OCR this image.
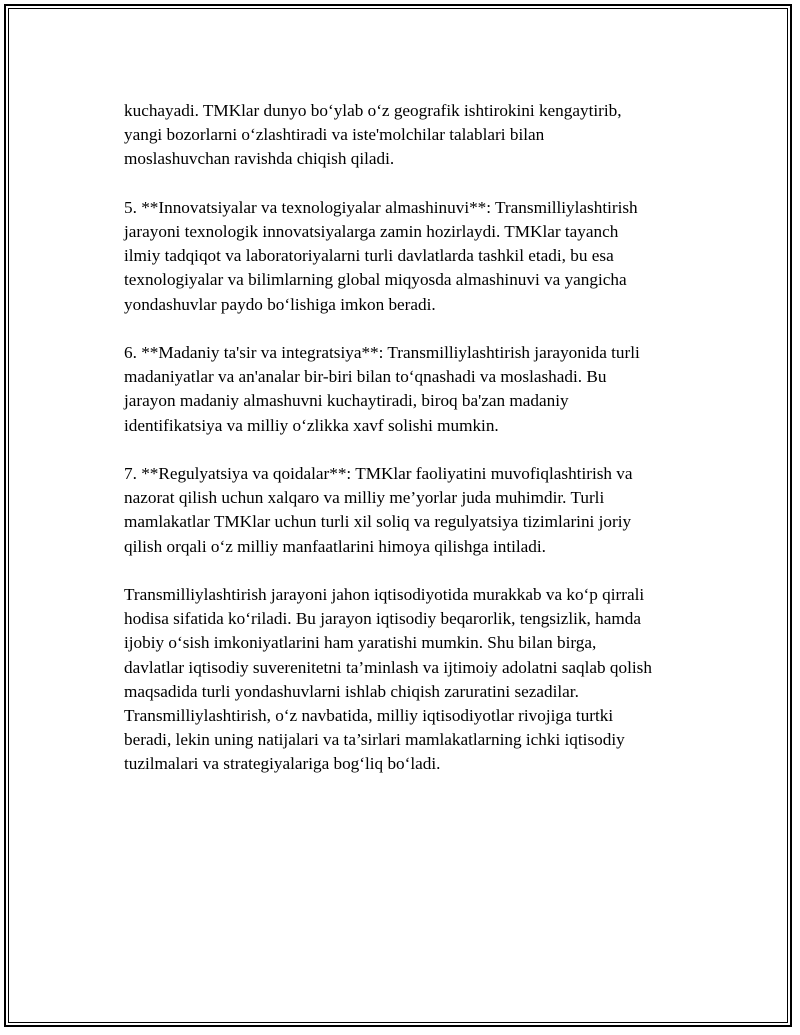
kuchayadi. TMKlar dunyo bo‘ylab o‘z geografik ishtirokini kengaytirib,
yangi bozorlarni o‘zlashtiradi va iste'molchilar talablari bilan
moslashuvchan ravishda chiqish qiladi.

5. **Innovatsiyalar va texnologiyalar almashinuvi**: Transmilliylashtirish
jarayoni texnologik innovatsiyalarga zamin hozirlaydi. TMKlar tayanch
ilmiy tadqiqot va laboratoriyalarni turli davlatlarda tashkil etadi, bu esa
texnologiyalar va bilimlarning global miqyosda almashinuvi va yangicha
yondashuvlar paydo bo‘lishiga imkon beradi.

6. **Madaniy ta'sir va integratsiya**: Transmilliylashtirish jarayonida turli
madaniyatlar va an'analar bir-biri bilan to‘qnashadi va moslashadi. Bu
jarayon madaniy almashuvni kuchaytiradi, biroq ba'zan madaniy
identifikatsiya va milliy o‘zlikka xavf solishi mumkin.

7. **Regulyatsiya va qoidalar**: TMKlar faoliyatini muvofiqlashtirish va
nazorat qilish uchun xalqaro va milliy me’yorlar juda muhimdir. Turli
mamlakatlar TMKlar uchun turli xil soliq va regulyatsiya tizimlarini joriy
qilish orqali o‘z milliy manfaatlarini himoya qilishga intiladi.

Transmilliylashtirish jarayoni jahon iqtisodiyotida murakkab va ko‘p qirrali
hodisa sifatida ko‘riladi. Bu jarayon iqtisodiy beqarorlik, tengsizlik, hamda
ijobiy o‘sish imkoniyatlarini ham yaratishi mumkin. Shu bilan birga,
davlatlar iqtisodiy suverenitetni ta’minlash va ijtimoiy adolatni saqlab qolish
maqsadida turli yondashuvlarni ishlab chiqish zaruratini sezadilar.
Transmilliylashtirish, o‘z navbatida, milliy iqtisodiyotlar rivojiga turtki
beradi, lekin uning natijalari va ta’sirlari mamlakatlarning ichki iqtisodiy
tuzilmalari va strategiyalariga bog‘liq bo‘ladi.
